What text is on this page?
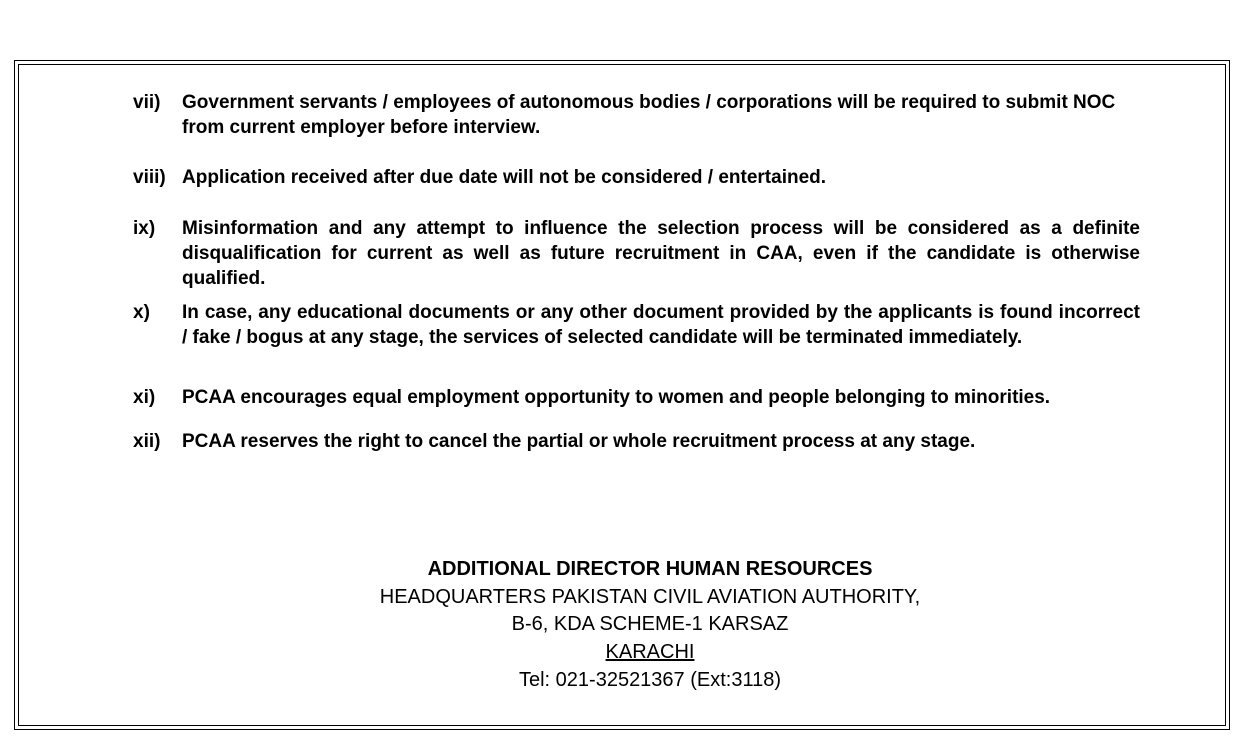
vii) Government servants / employees of autonomous bodies / corporations will be required to submit NOC from current employer before interview.
viii) Application received after due date will not be considered / entertained.
ix) Misinformation and any attempt to influence the selection process will be considered as a definite disqualification for current as well as future recruitment in CAA, even if the candidate is otherwise qualified.
x) In case, any educational documents or any other document provided by the applicants is found incorrect / fake / bogus at any stage, the services of selected candidate will be terminated immediately.
xi) PCAA encourages equal employment opportunity to women and people belonging to minorities.
xii) PCAA reserves the right to cancel the partial or whole recruitment process at any stage.
ADDITIONAL DIRECTOR HUMAN RESOURCES
HEADQUARTERS PAKISTAN CIVIL AVIATION AUTHORITY,
B-6, KDA SCHEME-1 KARSAZ
KARACHI
Tel: 021-32521367 (Ext:3118)
